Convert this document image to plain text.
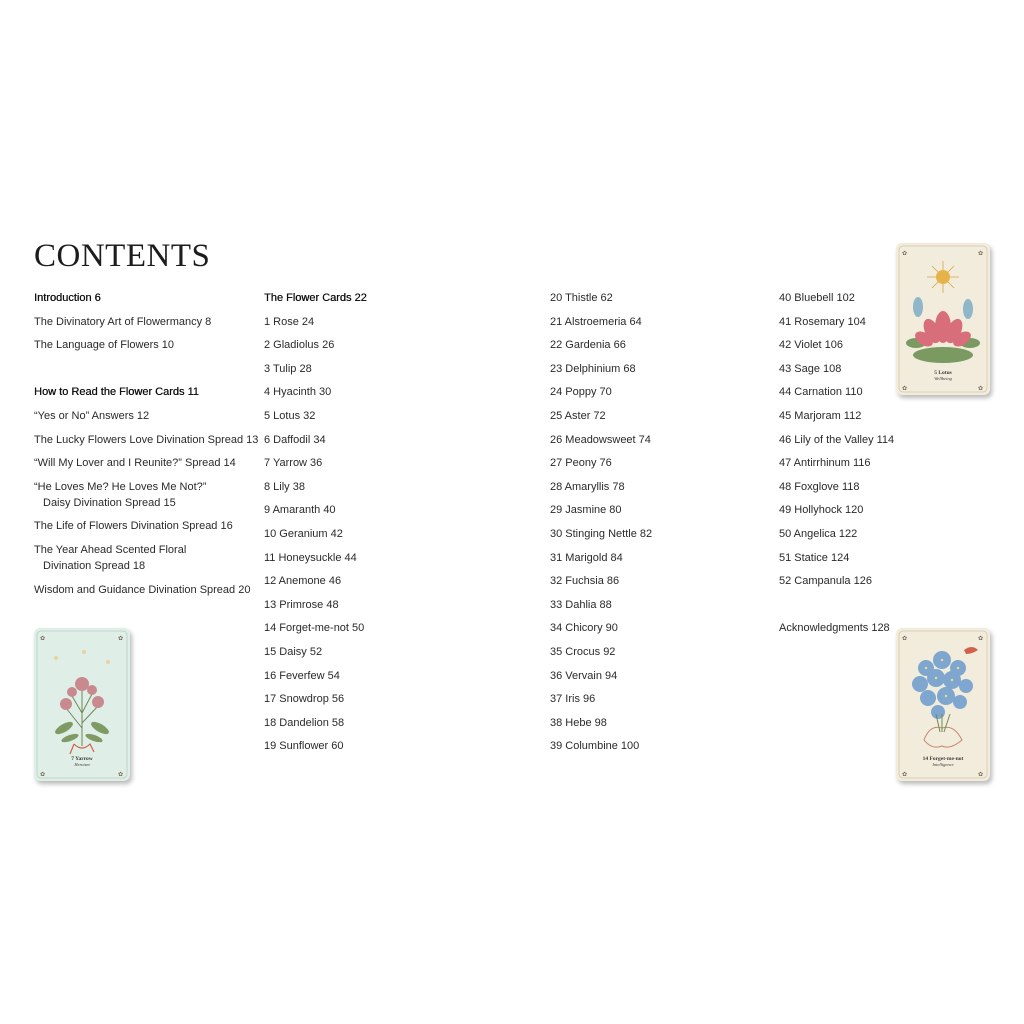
CONTENTS

Introduction 6

The Divinatory Art of Flowermancy 8

The Language of Flowers 10

How to Read the Flower Cards 11

“Yes or No” Answers 12

The Lucky Flowers Love Divination Spread 13

“Will My Lover and I Reunite?” Spread 14

“He Loves Me? He Loves Me Not?”
Daisy Divination Spread 15

The Life of Flowers Divination Spread 16

The Year Ahead Scented Floral
Divination Spread 18

Wisdom and Guidance Divination Spread 20

The Flower Cards 22

1 Rose 24

2 Gladiolus 26

3 Tulip 28

4 Hyacinth 30

5 Lotus 32

6 Daffodil 34

7 Yarrow 36

8 Lily 38

9 Amaranth 40

10 Geranium 42

11 Honeysuckle 44

12 Anemone 46

13 Primrose 48

14 Forget-me-not 50

15 Daisy 52

16 Feverfew 54

17 Snowdrop 56

18 Dandelion 58

19 Sunflower 60

20 Thistle 62

21 Alstroemeria 64

22 Gardenia 66

23 Delphinium 68

24 Poppy 70

25 Aster 72

26 Meadowsweet 74

27 Peony 76

28 Amaryllis 78

29 Jasmine 80

30 Stinging Nettle 82

31 Marigold 84

32 Fuchsia 86

33 Dahlia 88

34 Chicory 90

35 Crocus 92

36 Vervain 94

37 Iris 96

38 Hebe 98

39 Columbine 100

40 Bluebell 102

41 Rosemary 104

42 Violet 106

43 Sage 108

44 Carnation 110

45 Marjoram 112

46 Lily of the Valley 114

47 Antirrhinum 116

48 Foxglove 118

49 Hollyhock 120

50 Angelica 122

51 Statice 124

52 Campanula 126

Acknowledgments 128

✿	✿
✿	✿
7 Yarrow
Heroism
✿	✿
✿	✿
5 Lotus
Wellbeing
✿	✿
✿	✿
14 Forget-me-not
Intelligence
